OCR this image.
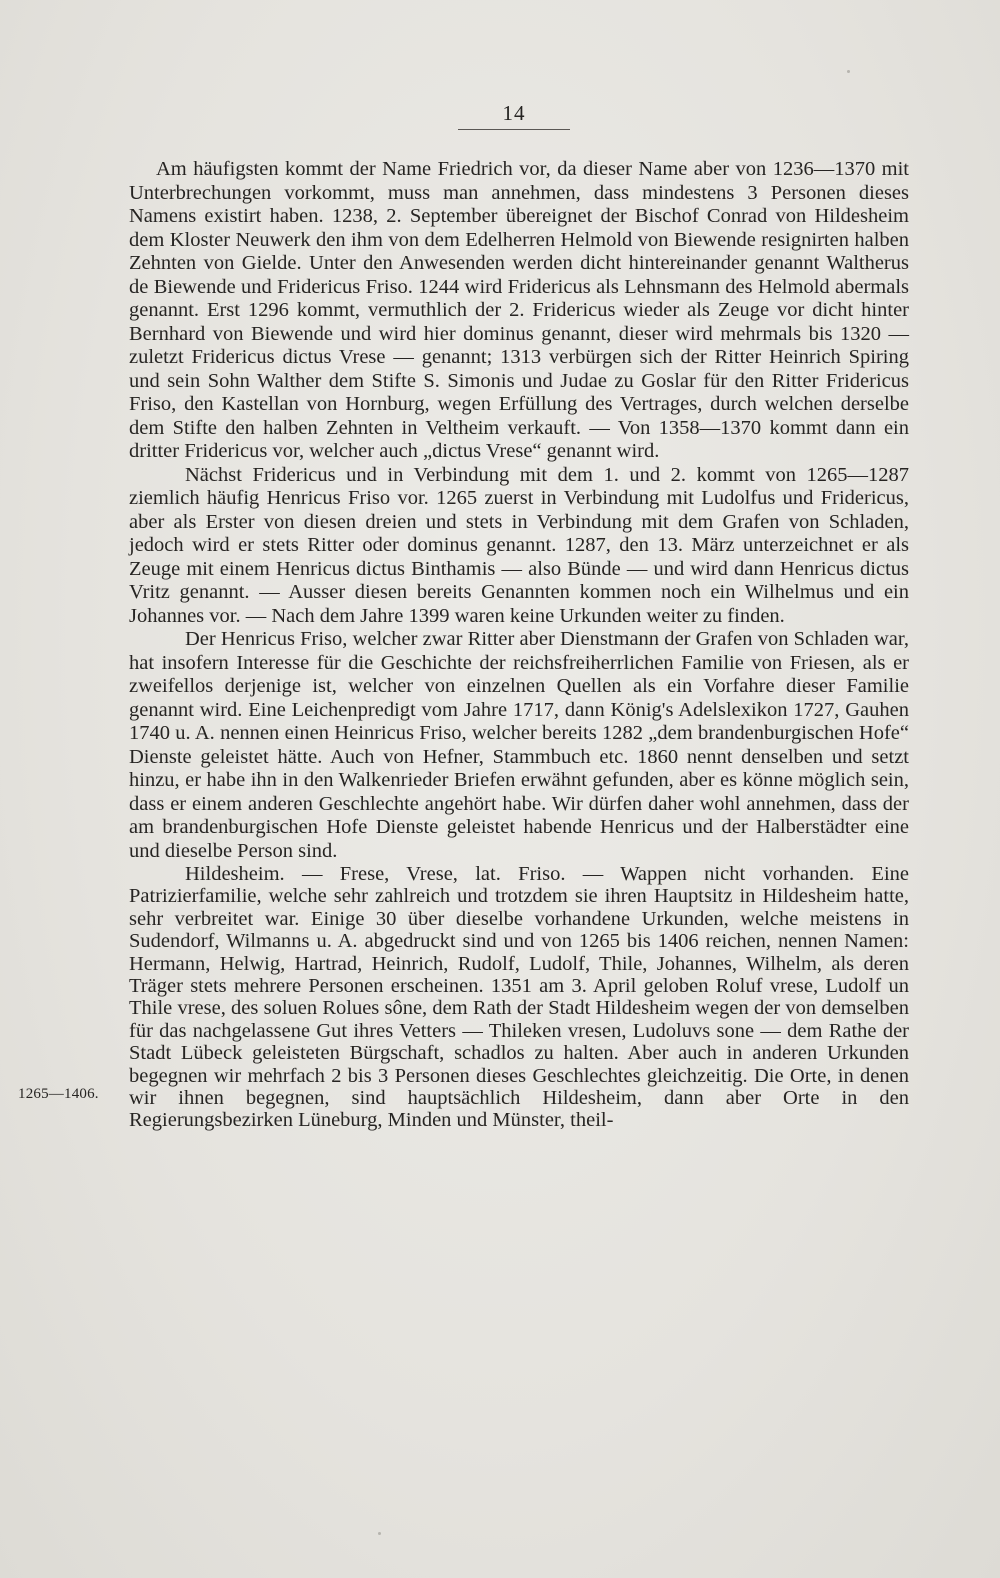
14

Am häufigsten kommt der Name Friedrich vor, da dieser Name aber von 1236—1370 mit Unterbrechungen vorkommt, muss man annehmen, dass mindestens 3 Personen dieses Namens existirt haben. 1238, 2. September übereignet der Bischof Conrad von Hildesheim dem Kloster Neuwerk den ihm von dem Edelherren Helmold von Biewende resignirten halben Zehnten von Gielde. Unter den Anwesenden werden dicht hintereinander genannt Waltherus de Biewende und Fridericus Friso. 1244 wird Fridericus als Lehnsmann des Helmold abermals genannt. Erst 1296 kommt, vermuthlich der 2. Fridericus wieder als Zeuge vor dicht hinter Bernhard von Biewende und wird hier dominus genannt, dieser wird mehrmals bis 1320 — zuletzt Fridericus dictus Vrese — genannt; 1313 verbürgen sich der Ritter Heinrich Spiring und sein Sohn Walther dem Stifte S. Simonis und Judae zu Goslar für den Ritter Fridericus Friso, den Kastellan von Hornburg, wegen Erfüllung des Vertrages, durch welchen derselbe dem Stifte den halben Zehnten in Veltheim verkauft. — Von 1358—1370 kommt dann ein dritter Fridericus vor, welcher auch „dictus Vrese“ genannt wird.

Nächst Fridericus und in Verbindung mit dem 1. und 2. kommt von 1265—1287 ziemlich häufig Henricus Friso vor. 1265 zuerst in Verbindung mit Ludolfus und Fridericus, aber als Erster von diesen dreien und stets in Verbindung mit dem Grafen von Schladen, jedoch wird er stets Ritter oder dominus genannt. 1287, den 13. März unterzeichnet er als Zeuge mit einem Henricus dictus Binthamis — also Bünde — und wird dann Henricus dictus Vritz genannt. — Ausser diesen bereits Genannten kommen noch ein Wilhelmus und ein Johannes vor. — Nach dem Jahre 1399 waren keine Urkunden weiter zu finden.

Der Henricus Friso, welcher zwar Ritter aber Dienstmann der Grafen von Schladen war, hat insofern Interesse für die Geschichte der reichsfreiherrlichen Familie von Friesen, als er zweifellos derjenige ist, welcher von einzelnen Quellen als ein Vorfahre dieser Familie genannt wird. Eine Leichenpredigt vom Jahre 1717, dann König's Adelslexikon 1727, Gauhen 1740 u. A. nennen einen Heinricus Friso, welcher bereits 1282 „dem brandenburgischen Hofe“ Dienste geleistet hätte. Auch von Hefner, Stammbuch etc. 1860 nennt denselben und setzt hinzu, er habe ihn in den Walkenrieder Briefen erwähnt gefunden, aber es könne möglich sein, dass er einem anderen Geschlechte angehört habe. Wir dürfen daher wohl annehmen, dass der am brandenburgischen Hofe Dienste geleistet habende Henricus und der Halberstädter eine und dieselbe Person sind.

Hildesheim. — Frese, Vrese, lat. Friso. — Wappen nicht vorhanden. Eine Patrizierfamilie, welche sehr zahlreich und trotzdem sie ihren Hauptsitz in Hildesheim hatte, sehr verbreitet war. Einige 30 über dieselbe vorhandene Urkunden, welche meistens in Sudendorf, Wilmanns u. A. abgedruckt sind und von 1265 bis 1406 reichen, nennen Namen: Hermann, Helwig, Hartrad, Heinrich, Rudolf, Ludolf, Thile, Johannes, Wilhelm, als deren Träger stets mehrere Personen erscheinen. 1351 am 3. April geloben Roluf vrese, Ludolf un Thile vrese, des soluen Rolues sône, dem Rath der Stadt Hildesheim wegen der von demselben für das nachgelassene Gut ihres Vetters — Thileken vresen, Ludoluvs sone — dem Rathe der Stadt Lübeck geleisteten Bürgschaft, schadlos zu halten. Aber auch in anderen Urkunden begegnen wir mehrfach 2 bis 3 Personen dieses Geschlechtes gleichzeitig. Die Orte, in denen wir ihnen begegnen, sind hauptsächlich Hildesheim, dann aber Orte in den Regierungsbezirken Lüneburg, Minden und Münster, theil-

1265—1406.
